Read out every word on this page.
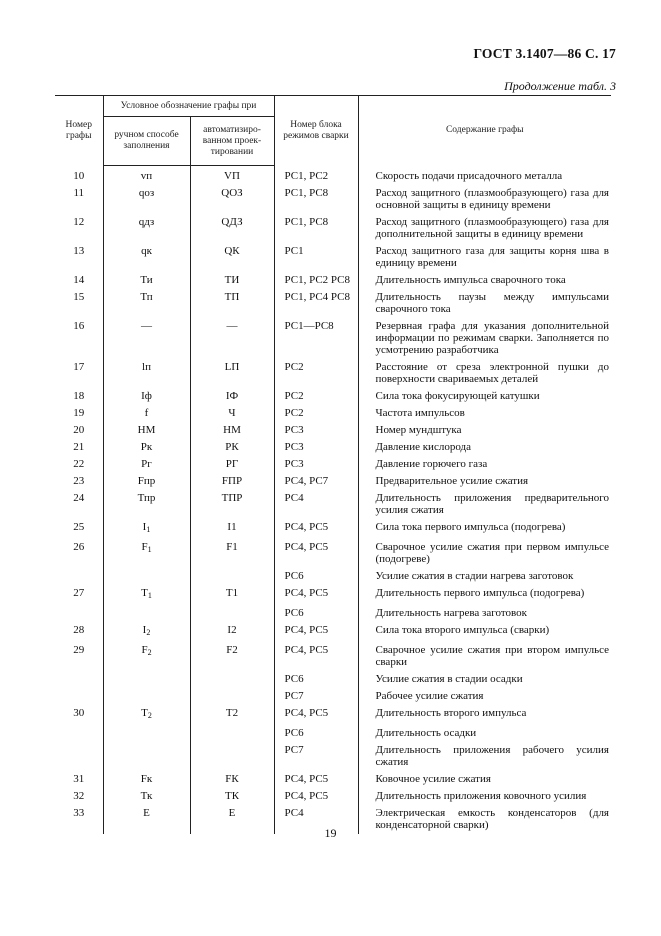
ГОСТ 3.1407—86 С. 17
Продолжение табл. 3
Номер графы	Условное обозначение графы при		Номер блока режимов сварки	Содержание графы
	ручном способе заполнения	автоматизиро- ванном проек- тировании		
10	vп	VП	РС1, РС2	Скорость подачи присадочного металла
11	qоз	QОЗ	РС1, РС8	Расход защитного (плазмообразующего) газа для основной защиты в единицу времени
12	qдз	QДЗ	РС1, РС8	Расход защитного (плазмообразующего) газа для дополнительной защиты в единицу времени
13	qк	QК	РС1	Расход защитного газа для защиты корня шва в единицу времени
14	Ти	ТИ	РС1, РС2 РС8	Длительность импульса сварочного тока
15	Тп	ТП	РС1, РС4 РС8	Длительность паузы между импульсами сварочного тока
16	—	—	РС1—РС8	Резервная графа для указания дополнительной информации по режимам сварки. Заполняется по усмотрению разработчика
17	lп	LП	РС2	Расстояние от среза электронной пушки до поверхности свариваемых деталей
18	Iф	IФ	РС2	Сила тока фокусирующей катушки
19	f	Ч	РС2	Частота импульсов
20	НМ	НМ	РС3	Номер мундштука
21	Рк	РК	РС3	Давление кислорода
22	Рг	РГ	РС3	Давление горючего газа
23	Fпр	FПР	РС4, РС7	Предварительное усилие сжатия
24	Тпр	ТПР	РС4	Длительность приложения предварительного усилия сжатия
25	$I_1$	I1	РС4, РС5	Сила тока первого импульса (подогрева)
26	$F_1$	F1	РС4, РС5	Сварочное усилие сжатия при первом импульсе (подогреве)
			РС6	Усилие сжатия в стадии нагрева заготовок
27	$Т_1$	Т1	РС4, РС5	Длительность первого импульса (подогрева)
			РС6	Длительность нагрева заготовок
28	$I_2$	I2	РС4, РС5	Сила тока второго импульса (сварки)
29	$F_2$	F2	РС4, РС5	Сварочное усилие сжатия при втором импульсе сварки
			РС6	Усилие сжатия в стадии осадки
			РС7	Рабочее усилие сжатия
30	$Т_2$	Т2	РС4, РС5	Длительность второго импульса
			РС6	Длительность осадки
			РС7	Длительность приложения рабочего усилия сжатия
31	Fк	FК	РС4, РС5	Ковочное усилие сжатия
32	Тк	ТК	РС4, РС5	Длительность приложения ковочного усилия
33	Е	Е	РС4	Электрическая емкость конденсаторов (для конденсаторной сварки)
19
